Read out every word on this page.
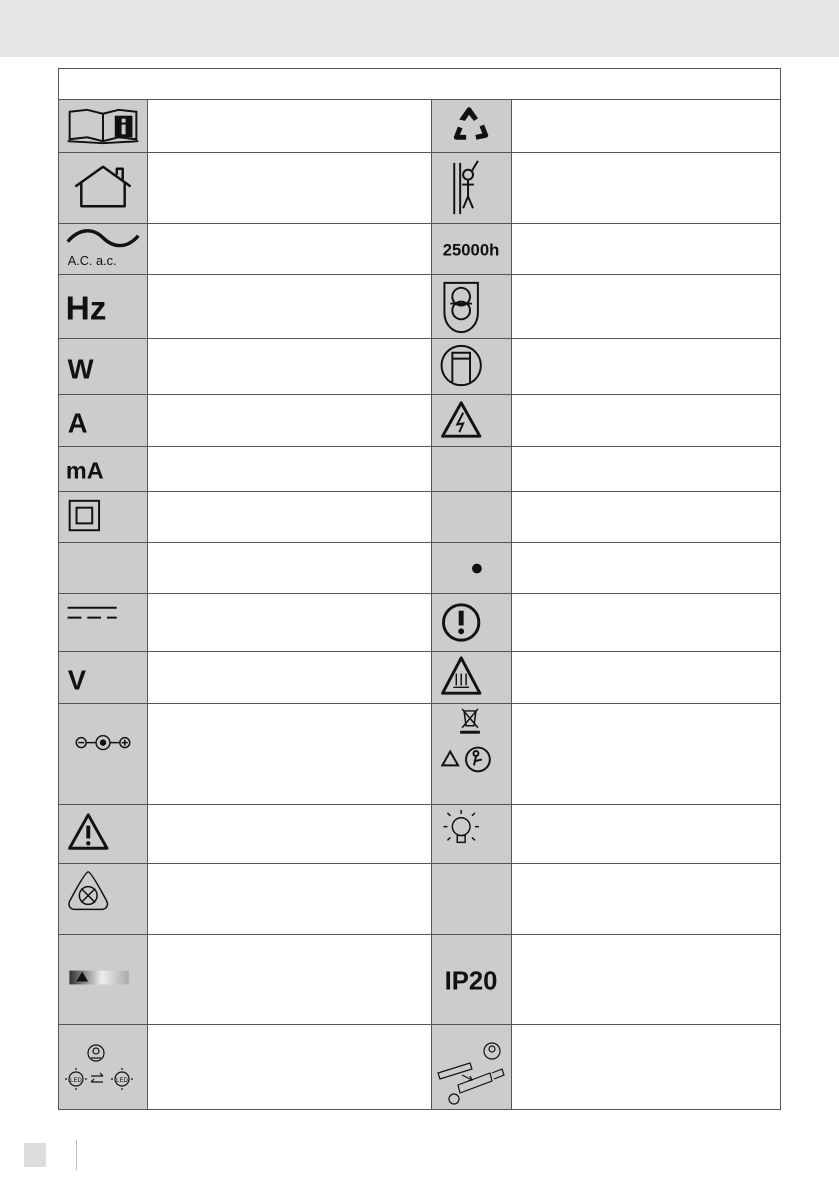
A.C. a.c.
25000h
Hz
W
A
mA
V
IP20
LED	LED
